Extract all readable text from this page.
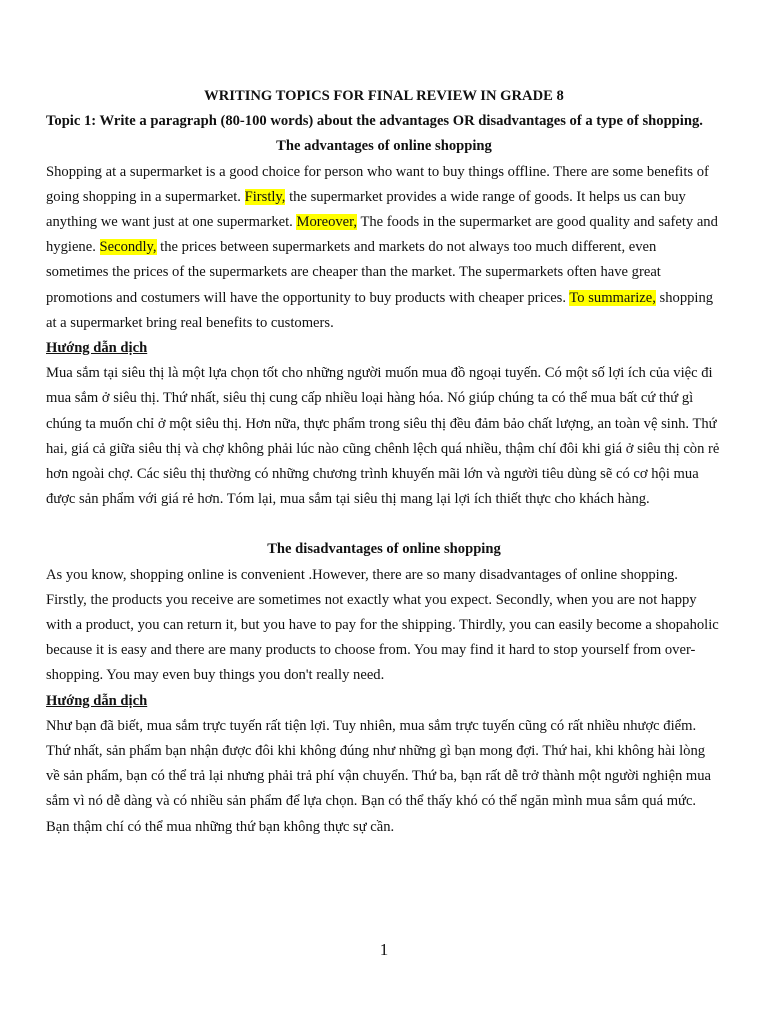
WRITING TOPICS FOR FINAL REVIEW IN GRADE 8

Topic 1: Write a paragraph (80-100 words) about the advantages OR disadvantages of a type of shopping.

The advantages of online shopping

Shopping at a supermarket is a good choice for person who want to buy things offline. There are some benefits of going shopping in a supermarket. Firstly, the supermarket provides a wide range of goods. It helps us can buy anything we want just at one supermarket. Moreover, The foods in the supermarket are good quality and safety and hygiene. Secondly, the prices between supermarkets and markets do not always too much different, even sometimes the prices of the supermarkets are cheaper than the market. The supermarkets often have great promotions and costumers will have the opportunity to buy products with cheaper prices. To summarize, shopping at a supermarket bring real benefits to customers.

Hướng dẫn dịch

Mua sắm tại siêu thị là một lựa chọn tốt cho những người muốn mua đồ ngoại tuyến. Có một số lợi ích của việc đi mua sắm ở siêu thị. Thứ nhất, siêu thị cung cấp nhiều loại hàng hóa. Nó giúp chúng ta có thể mua bất cứ thứ gì chúng ta muốn chỉ ở một siêu thị. Hơn nữa, thực phẩm trong siêu thị đều đảm bảo chất lượng, an toàn vệ sinh. Thứ hai, giá cả giữa siêu thị và chợ không phải lúc nào cũng chênh lệch quá nhiều, thậm chí đôi khi giá ở siêu thị còn rẻ hơn ngoài chợ. Các siêu thị thường có những chương trình khuyến mãi lớn và người tiêu dùng sẽ có cơ hội mua được sản phẩm với giá rẻ hơn. Tóm lại, mua sắm tại siêu thị mang lại lợi ích thiết thực cho khách hàng.

The disadvantages of online shopping

As you know, shopping online is convenient .However, there are so many disadvantages of online shopping. Firstly, the products you receive are sometimes not exactly what you expect. Secondly, when you are not happy with a product, you can return it, but you have to pay for the shipping. Thirdly, you can easily become a shopaholic because it is easy and there are many products to choose from. You may find it hard to stop yourself from over-shopping. You may even buy things you don't really need.

Hướng dẫn dịch

Như bạn đã biết, mua sắm trực tuyến rất tiện lợi. Tuy nhiên, mua sắm trực tuyến cũng có rất nhiều nhược điểm. Thứ nhất, sản phẩm bạn nhận được đôi khi không đúng như những gì bạn mong đợi. Thứ hai, khi không hài lòng về sản phẩm, bạn có thể trả lại nhưng phải trả phí vận chuyển. Thứ ba, bạn rất dễ trở thành một người nghiện mua sắm vì nó dễ dàng và có nhiều sản phẩm để lựa chọn. Bạn có thể thấy khó có thể ngăn mình mua sắm quá mức. Bạn thậm chí có thể mua những thứ bạn không thực sự cần.

1
